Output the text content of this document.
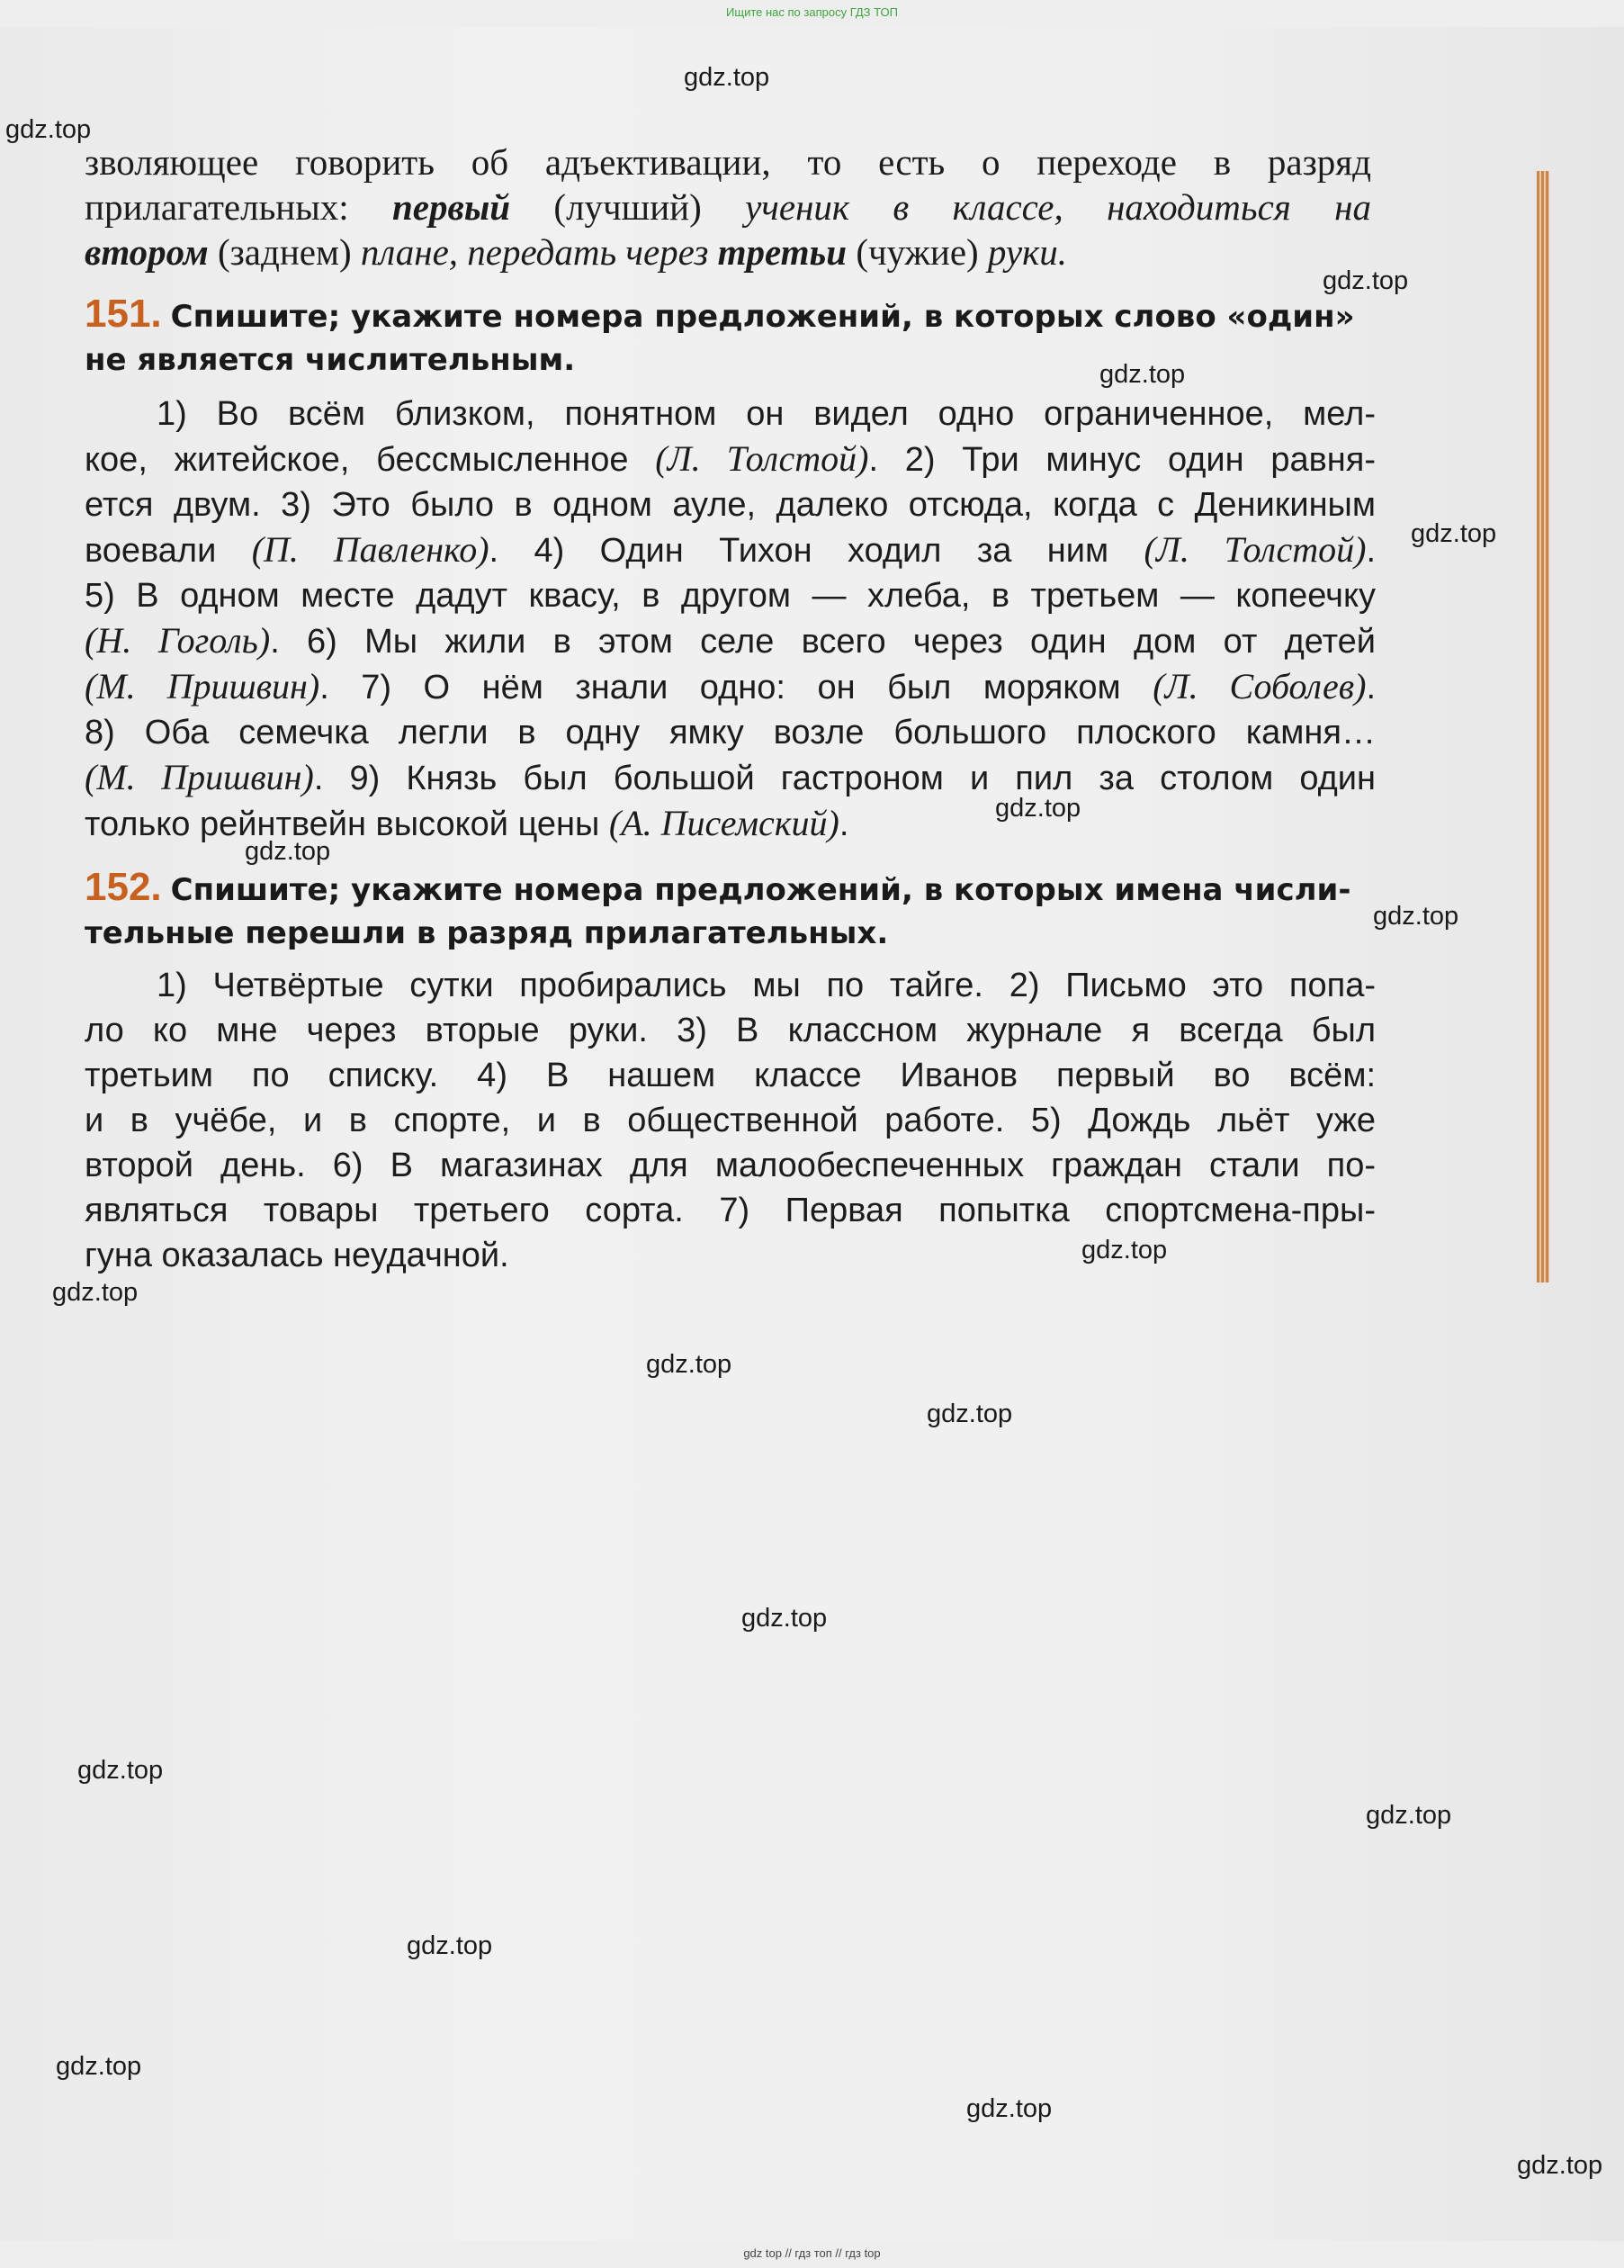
Ищите нас по запросу ГДЗ ТОП
зволяющее говорить об адъективации, то есть о переходе в разряд
прилагательных: первый (лучший) ученик в классе, находиться на
втором (заднем) плане, передать через третьи (чужие) руки.
151. Спишите; укажите номера предложений, в которых слово «один»
не является числительным.
1) Во всём близком, понятном он видел одно ограниченное, мел-
кое, житейское, бессмысленное (Л. Толстой). 2) Три минус один равня-
ется двум. 3) Это было в одном ауле, далеко отсюда, когда с Деникиным
воевали (П. Павленко). 4) Один Тихон ходил за ним (Л. Толстой).
5) В одном месте дадут квасу, в другом — хлеба, в третьем — копеечку
(Н. Гоголь). 6) Мы жили в этом селе всего через один дом от детей
(М. Пришвин). 7) О нём знали одно: он был моряком (Л. Соболев).
8) Оба семечка легли в одну ямку возле большого плоского камня…
(М. Пришвин). 9) Князь был большой гастроном и пил за столом один
только рейнтвейн высокой цены (А. Писемский).
152. Спишите; укажите номера предложений, в которых имена числи-
тельные перешли в разряд прилагательных.
1) Четвёртые сутки пробирались мы по тайге. 2) Письмо это попа-
ло ко мне через вторые руки. 3) В классном журнале я всегда был
третьим по списку. 4) В нашем классе Иванов первый во всём:
и в учёбе, и в спорте, и в общественной работе. 5) Дождь льёт уже
второй день. 6) В магазинах для малообеспеченных граждан стали по-
являться товары третьего сорта. 7) Первая попытка спортсмена-пры-
гуна оказалась неудачной.
gdz.top
gdz.top
gdz.top
gdz.top
gdz.top
gdz.top
gdz.top
gdz.top
gdz.top
gdz.top
gdz.top
gdz.top
gdz.top
gdz.top
gdz.top
gdz.top
gdz.top
gdz.top
gdz.top
gdz top // гдз топ // гдз top
